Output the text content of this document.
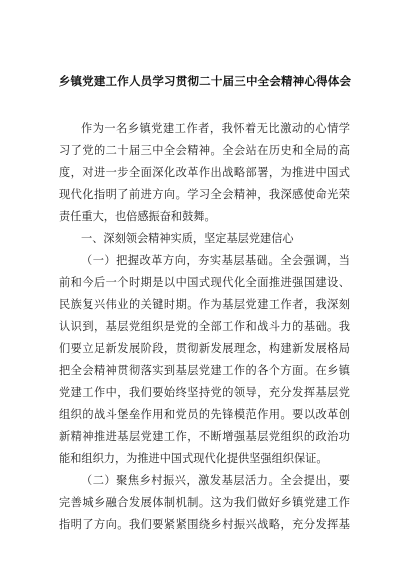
乡镇党建工作人员学习贯彻二十届三中全会精神心得体会
作为一名乡镇党建工作者，我怀着无比激动的心情学
习了党的二十届三中全会精神。全会站在历史和全局的高
度，对进一步全面深化改革作出战略部署，为推进中国式
现代化指明了前进方向。学习全会精神，我深感使命光荣
责任重大，也倍感振奋和鼓舞。
一、深刻领会精神实质，坚定基层党建信心
（一）把握改革方向，夯实基层基础。全会强调，当
前和今后一个时期是以中国式现代化全面推进强国建设、
民族复兴伟业的关键时期。作为基层党建工作者，我深刻
认识到，基层党组织是党的全部工作和战斗力的基础。我
们要立足新发展阶段，贯彻新发展理念，构建新发展格局
把全会精神贯彻落实到基层党建工作的各个方面。在乡镇
党建工作中，我们要始终坚持党的领导，充分发挥基层党
组织的战斗堡垒作用和党员的先锋模范作用。要以改革创
新精神推进基层党建工作，不断增强基层党组织的政治功
能和组织力，为推进中国式现代化提供坚强组织保证。
（二）聚焦乡村振兴，激发基层活力。全会提出，要
完善城乡融合发展体制机制。这为我们做好乡镇党建工作
指明了方向。我们要紧紧围绕乡村振兴战略，充分发挥基
